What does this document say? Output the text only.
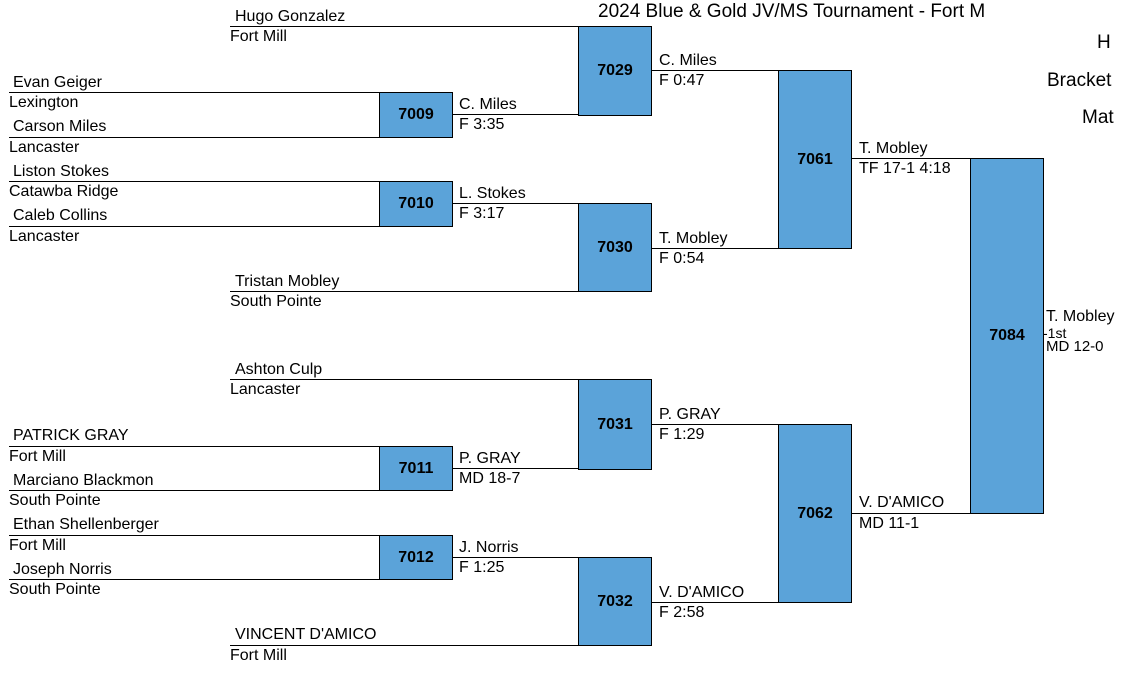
2024 Blue & Gold JV/MS Tournament - Fort M
H
Bracket
Mat
Evan Geiger
Lexington
Carson Miles
Lancaster
Liston Stokes
Catawba Ridge
Caleb Collins
Lancaster
PATRICK GRAY
Fort Mill
Marciano Blackmon
South Pointe
Ethan Shellenberger
Fort Mill
Joseph Norris
South Pointe
Hugo Gonzalez
Fort Mill
Tristan Mobley
South Pointe
Ashton Culp
Lancaster
VINCENT D'AMICO
Fort Mill
7009
C. Miles
F 3:35
7010
L. Stokes
F 3:17
7011
P. GRAY
MD 18-7
7012
J. Norris
F 1:25
7029
C. Miles
F 0:47
7030	T. Mobley
F 0:54
7031
P. GRAY
F 1:29
7032	V. D'AMICO
F 2:58
7061
T. Mobley
TF 17-1 4:18
7062
V. D'AMICO
MD 11-1
7084
T. Mobley
-1st
MD 12-0
